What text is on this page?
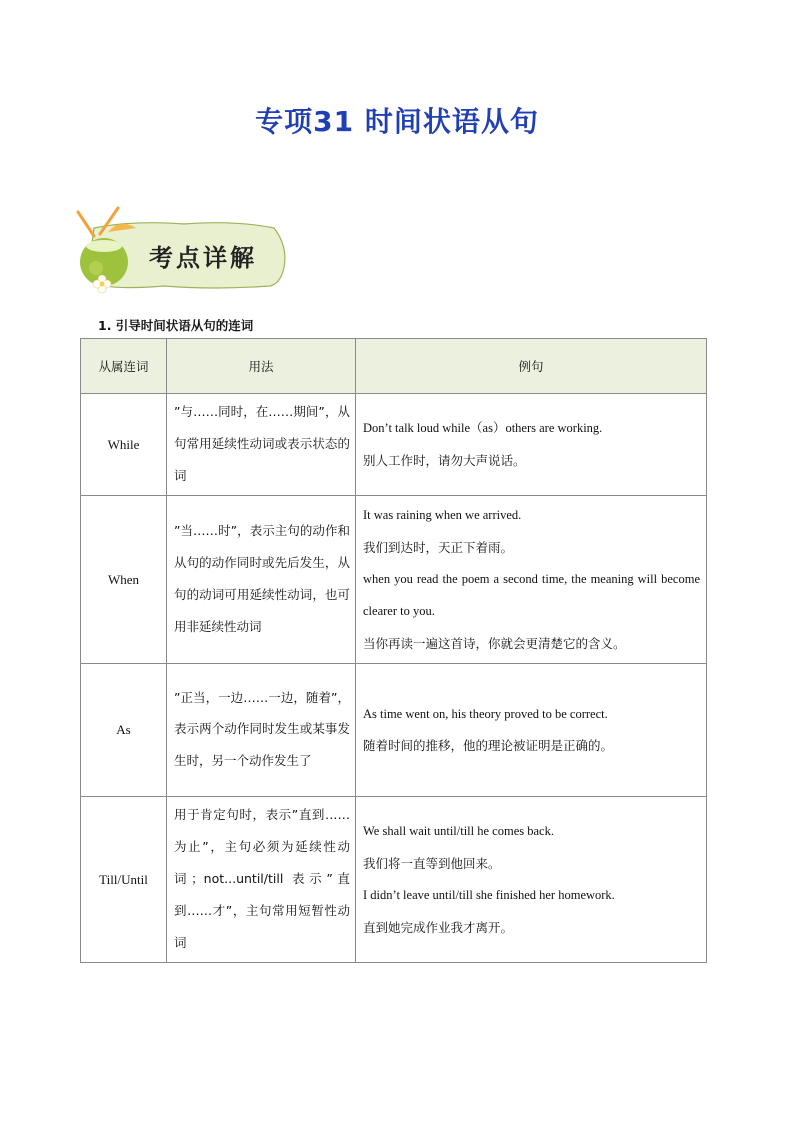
专项31 时间状语从句
考点详解
1. 引导时间状语从句的连词
从属连词	用法	例句
While	”与……同时，在……期间”，从句常用延续性动词或表示状态的词	Don’t talk loud while（as）others are working.
别人工作时，请勿大声说话。

When	”当……时”，表示主句的动作和从句的动作同时或先后发生，从句的动词可用延续性动词，也可用非延续性动词	It was raining when we arrived.
我们到达时，天正下着雨。
when you read the poem a second time, the meaning will become clearer to you.
当你再读一遍这首诗，你就会更清楚它的含义。

As	”正当，一边……一边，随着”，表示两个动作同时发生或某事发生时，另一个动作发生了	As time went on, his theory proved to be correct.
随着时间的推移，他的理论被证明是正确的。

Till/Until	用于肯定句时，表示”直到……为止”，主句必须为延续性动词；not...until/till 表示”直到……才”，主句常用短暂性动词	We shall wait until/till he comes back.
我们将一直等到他回来。
I didn’t leave until/till she finished her homework.
直到她完成作业我才离开。
